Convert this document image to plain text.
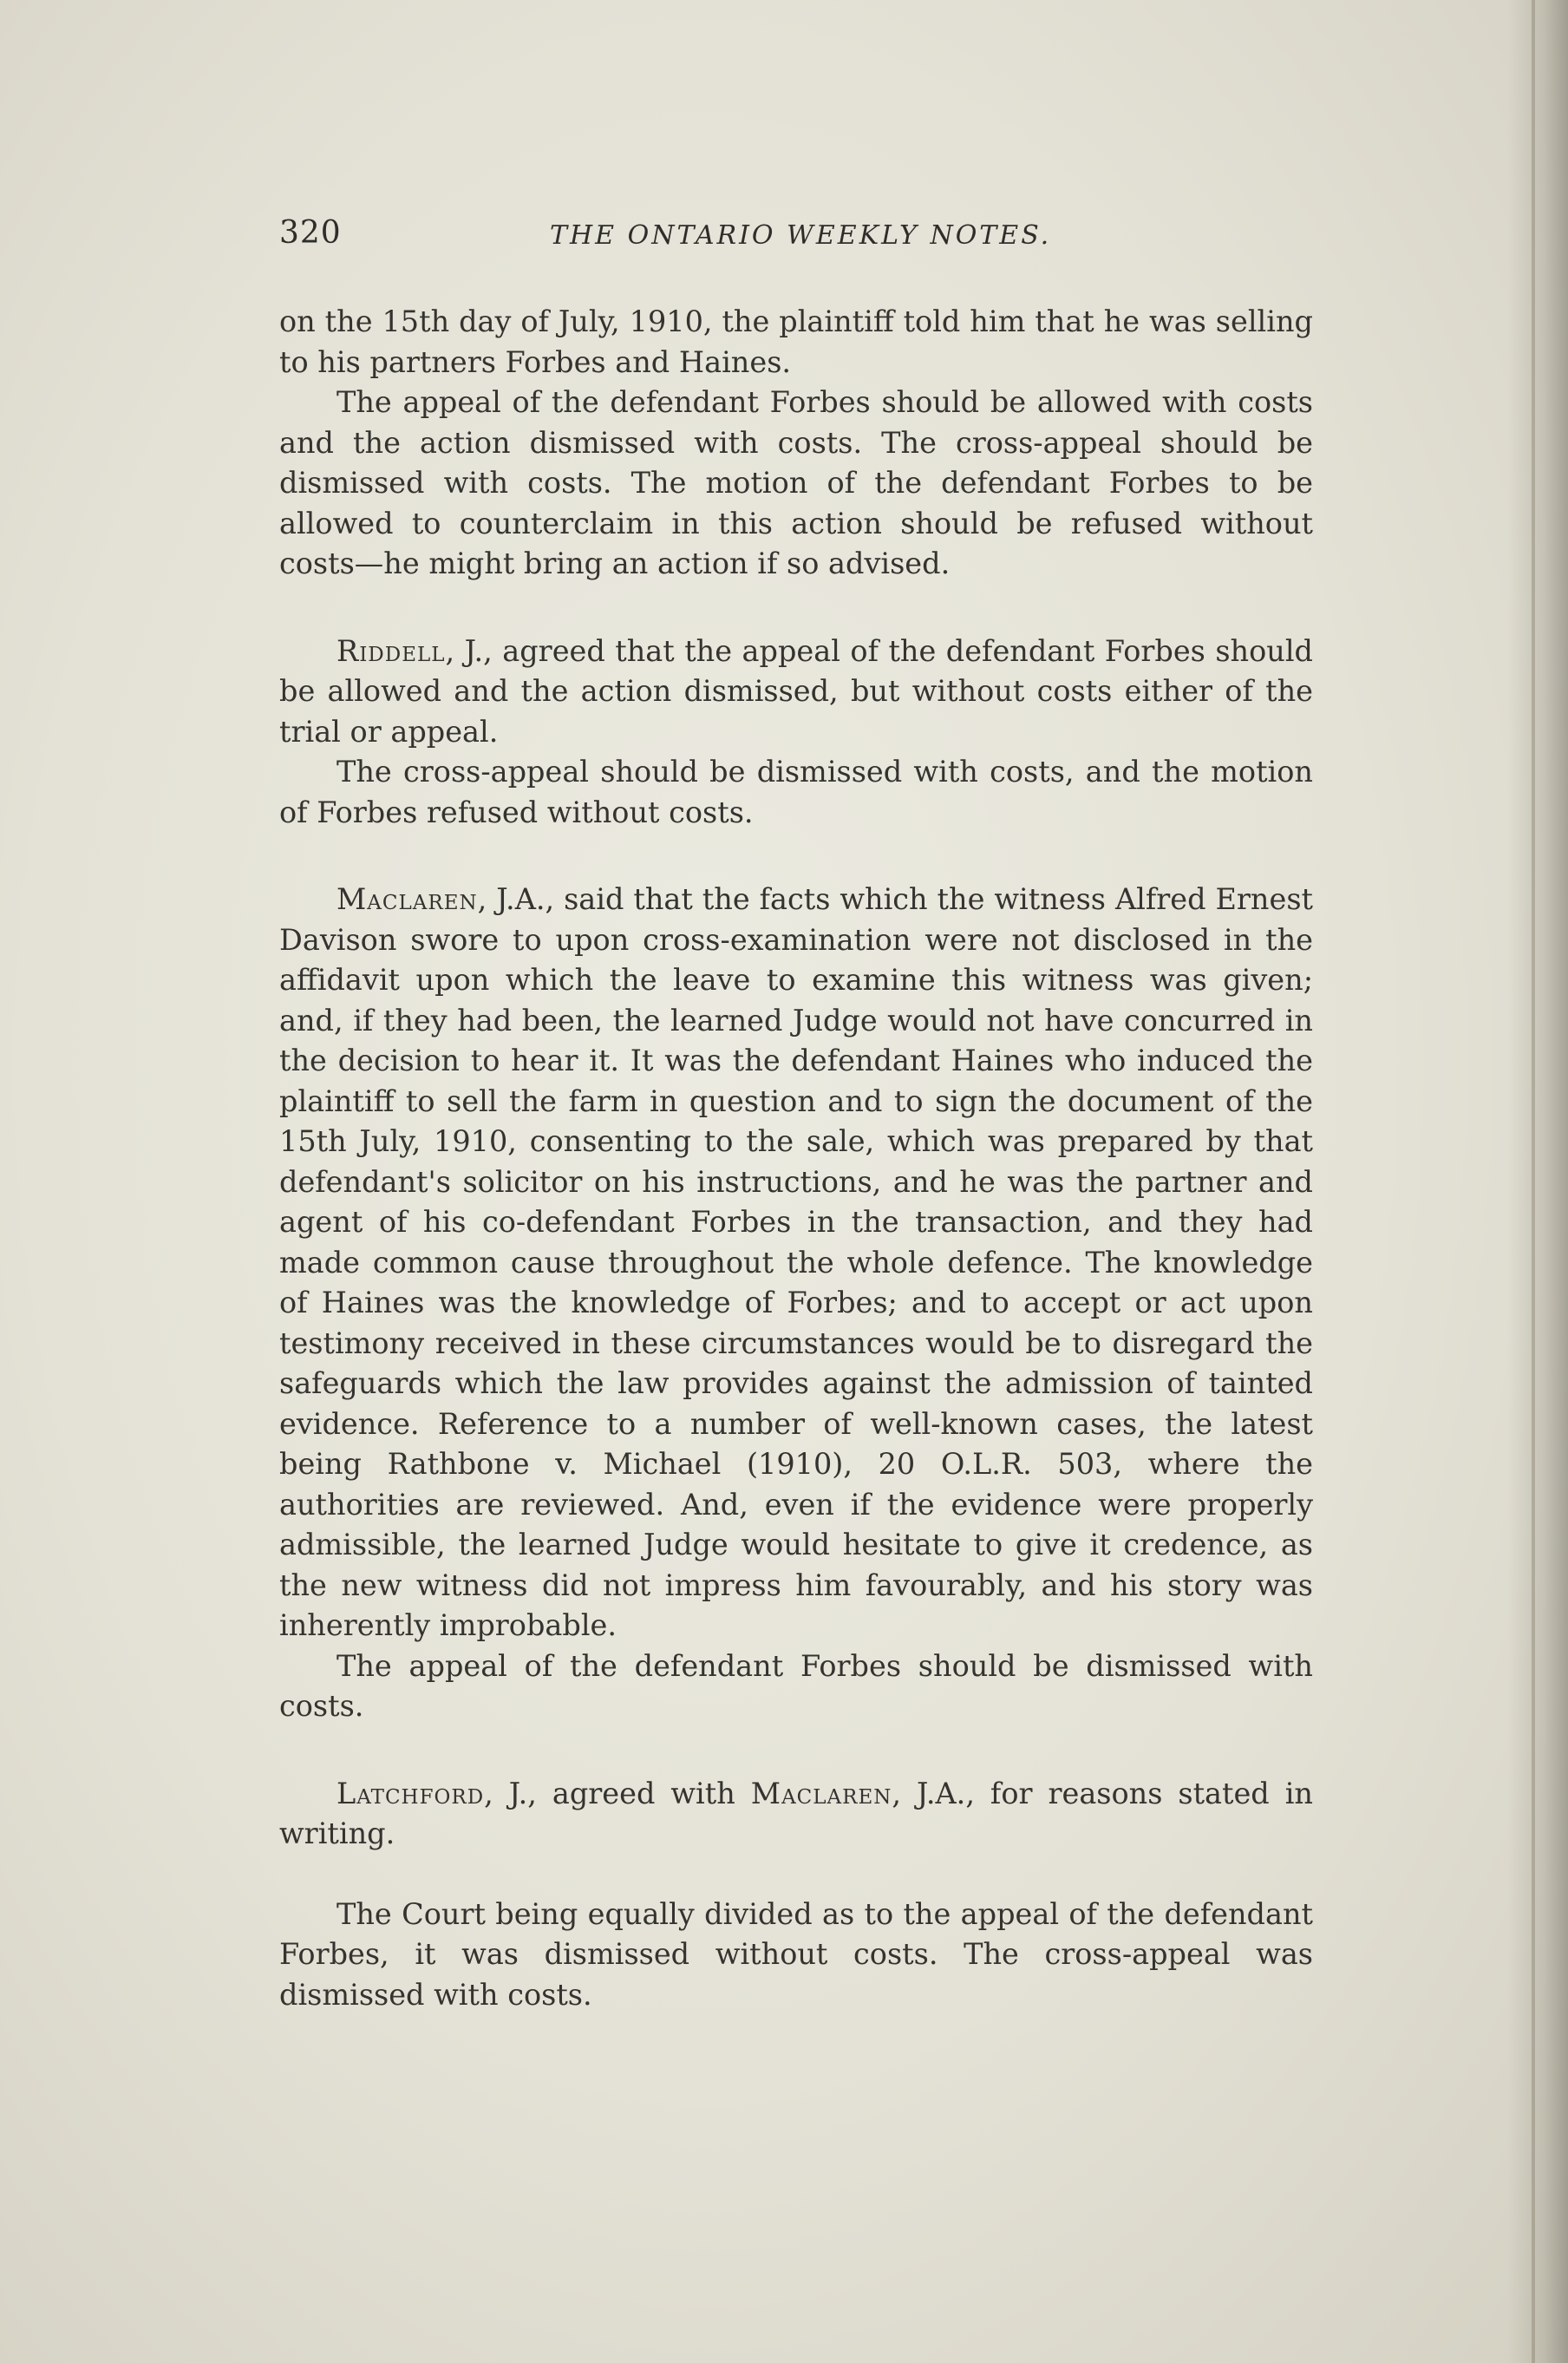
320	THE ONTARIO WEEKLY NOTES.

on the 15th day of July, 1910, the plaintiff told him that he was selling to his partners Forbes and Haines.

The appeal of the defendant Forbes should be allowed with costs and the action dismissed with costs. The cross-appeal should be dismissed with costs. The motion of the defendant Forbes to be allowed to counterclaim in this action should be refused without costs—he might bring an action if so advised.

Riddell, J., agreed that the appeal of the defendant Forbes should be allowed and the action dismissed, but without costs either of the trial or appeal.

The cross-appeal should be dismissed with costs, and the motion of Forbes refused without costs.

Maclaren, J.A., said that the facts which the witness Alfred Ernest Davison swore to upon cross-examination were not disclosed in the affidavit upon which the leave to examine this witness was given; and, if they had been, the learned Judge would not have concurred in the decision to hear it. It was the defendant Haines who induced the plaintiff to sell the farm in question and to sign the document of the 15th July, 1910, consenting to the sale, which was prepared by that defendant's solicitor on his instructions, and he was the partner and agent of his co-defendant Forbes in the transaction, and they had made common cause throughout the whole defence. The knowledge of Haines was the knowledge of Forbes; and to accept or act upon testimony received in these circumstances would be to disregard the safeguards which the law provides against the admission of tainted evidence. Reference to a number of well-known cases, the latest being Rathbone v. Michael (1910), 20 O.L.R. 503, where the authorities are reviewed. And, even if the evidence were properly admissible, the learned Judge would hesitate to give it credence, as the new witness did not impress him favourably, and his story was inherently improbable.

The appeal of the defendant Forbes should be dismissed with costs.

Latchford, J., agreed with Maclaren, J.A., for reasons stated in writing.

The Court being equally divided as to the appeal of the defendant Forbes, it was dismissed without costs. The cross-appeal was dismissed with costs.
